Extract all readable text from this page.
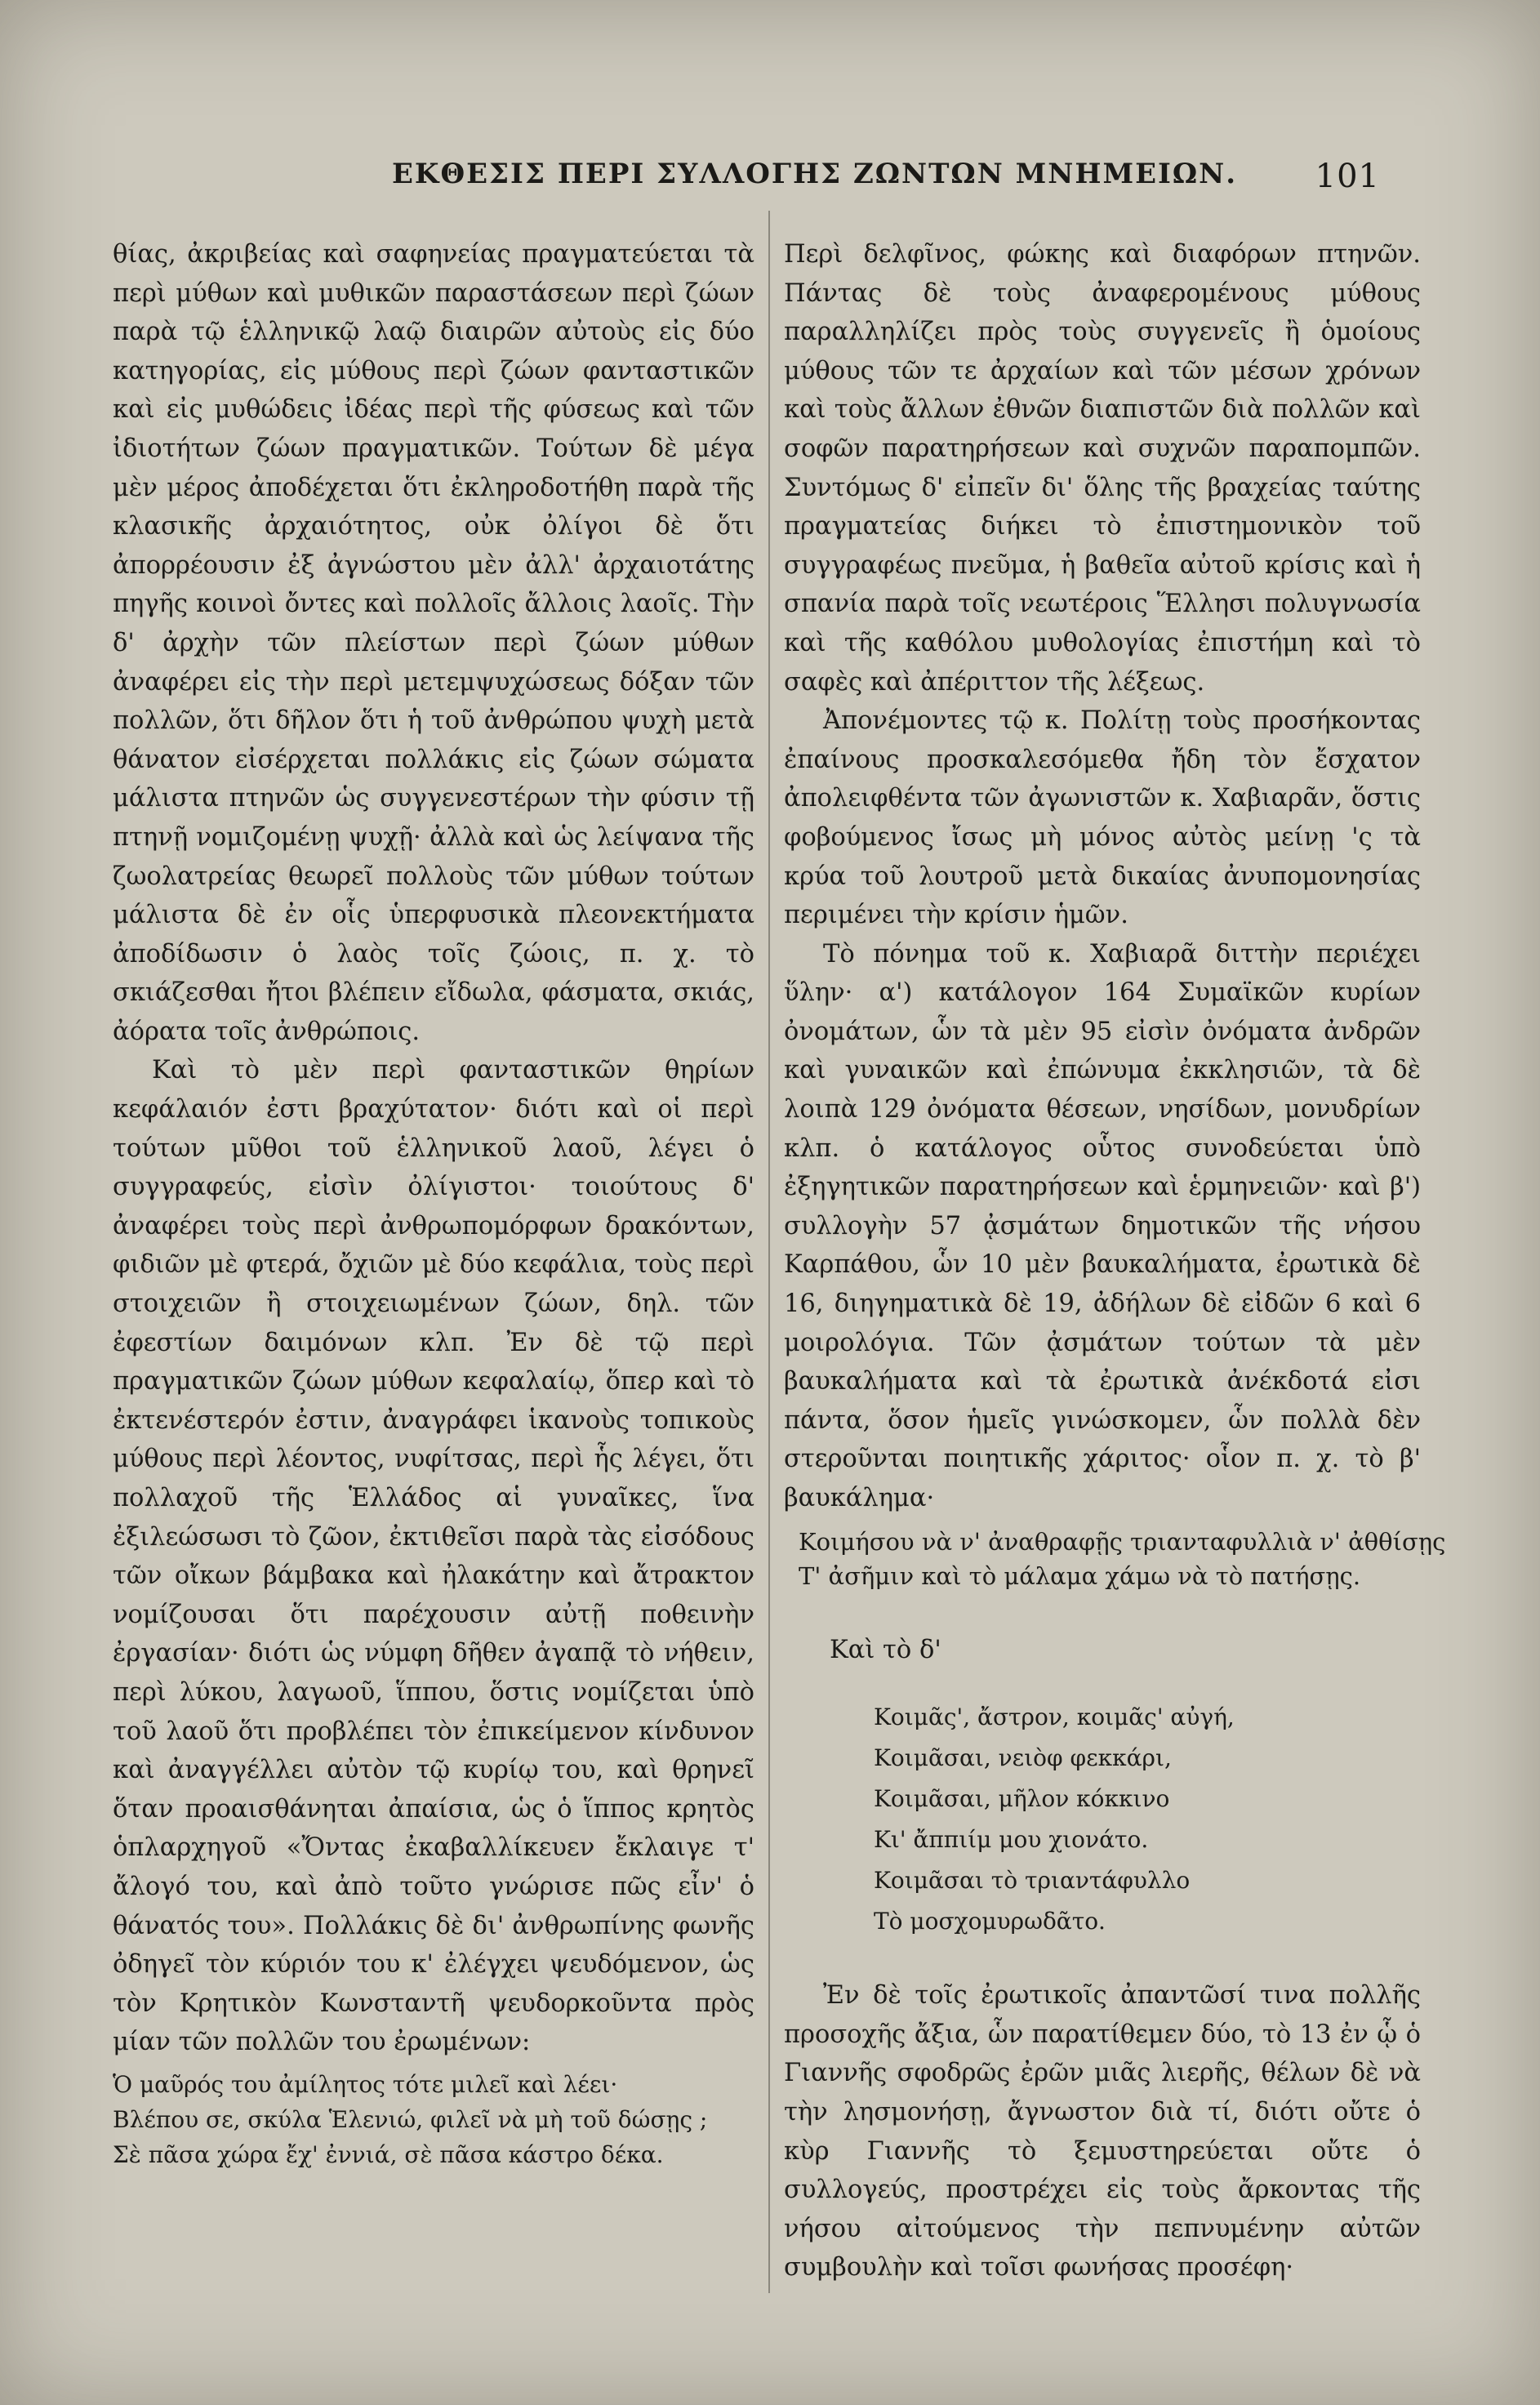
ΕΚΘΕΣΙΣ ΠΕΡΙ ΣΥΛΛΟΓΗΣ ΖΩΝΤΩΝ ΜΝΗΜΕΙΩΝ. 101

θίας, ἀκριβείας καὶ σαφηνείας πραγματεύεται τὰ περὶ μύθων καὶ μυθικῶν παραστάσεων περὶ ζώων παρὰ τῷ ἑλληνικῷ λαῷ διαιρῶν αὐτοὺς εἰς δύο κατηγορίας, εἰς μύθους περὶ ζώων φανταστικῶν καὶ εἰς μυθώδεις ἰδέας περὶ τῆς φύσεως καὶ τῶν ἰδιοτήτων ζώων πραγματικῶν. Τούτων δὲ μέγα μὲν μέρος ἀποδέχεται ὅτι ἐκληροδοτήθη παρὰ τῆς κλασικῆς ἀρχαιότητος, οὐκ ὀλίγοι δὲ ὅτι ἀπορρέουσιν ἐξ ἀγνώστου μὲν ἀλλ' ἀρχαιοτάτης πηγῆς κοινοὶ ὄντες καὶ πολλοῖς ἄλλοις λαοῖς. Τὴν δ' ἀρχὴν τῶν πλείστων περὶ ζώων μύθων ἀναφέρει εἰς τὴν περὶ μετεμψυχώσεως δόξαν τῶν πολλῶν, ὅτι δῆλον ὅτι ἡ τοῦ ἀνθρώπου ψυχὴ μετὰ θάνατον εἰσέρχεται πολλάκις εἰς ζώων σώματα μάλιστα πτηνῶν ὡς συγγενεστέρων τὴν φύσιν τῇ πτηνῇ νομιζομένῃ ψυχῇ· ἀλλὰ καὶ ὡς λείψανα τῆς ζωολατρείας θεωρεῖ πολλοὺς τῶν μύθων τούτων μάλιστα δὲ ἐν οἷς ὑπερφυσικὰ πλεονεκτήματα ἀποδίδωσιν ὁ λαὸς τοῖς ζώοις, π. χ. τὸ σκιάζεσθαι ἤτοι βλέπειν εἴδωλα, φάσματα, σκιάς, ἀόρατα τοῖς ἀνθρώποις.

Καὶ τὸ μὲν περὶ φανταστικῶν θηρίων κεφάλαιόν ἐστι βραχύτατον· διότι καὶ οἱ περὶ τούτων μῦθοι τοῦ ἑλληνικοῦ λαοῦ, λέγει ὁ συγγραφεύς, εἰσὶν ὀλίγιστοι· τοιούτους δ' ἀναφέρει τοὺς περὶ ἀνθρωπομόρφων δρακόντων, φιδιῶν μὲ φτερά, ὄχιῶν μὲ δύο κεφάλια, τοὺς περὶ στοιχειῶν ἢ στοιχειωμένων ζώων, δηλ. τῶν ἐφεστίων δαιμόνων κλπ. Ἐν δὲ τῷ περὶ πραγματικῶν ζώων μύθων κεφαλαίῳ, ὅπερ καὶ τὸ ἐκτενέστερόν ἐστιν, ἀναγράφει ἱκανοὺς τοπικοὺς μύθους περὶ λέοντος, νυφίτσας, περὶ ἧς λέγει, ὅτι πολλαχοῦ τῆς Ἑλλάδος αἱ γυναῖκες, ἵνα ἐξιλεώσωσι τὸ ζῶον, ἐκτιθεῖσι παρὰ τὰς εἰσόδους τῶν οἴκων βάμβακα καὶ ἠλακάτην καὶ ἄτρακτον νομίζουσαι ὅτι παρέχουσιν αὐτῇ ποθεινὴν ἐργασίαν· διότι ὡς νύμφη δῆθεν ἀγαπᾷ τὸ νήθειν, περὶ λύκου, λαγωοῦ, ἵππου, ὅστις νομίζεται ὑπὸ τοῦ λαοῦ ὅτι προβλέπει τὸν ἐπικείμενον κίνδυνον καὶ ἀναγγέλλει αὐτὸν τῷ κυρίῳ του, καὶ θρηνεῖ ὅταν προαισθάνηται ἀπαίσια, ὡς ὁ ἵππος κρητὸς ὁπλαρχηγοῦ «Ὄντας ἐκαβαλλίκευεν ἔκλαιγε τ' ἄλογό του, καὶ ἀπὸ τοῦτο γνώρισε πῶς εἶν' ὁ θάνατός του». Πολλάκις δὲ δι' ἀνθρωπίνης φωνῆς ὀδηγεῖ τὸν κύριόν του κ' ἐλέγχει ψευδόμενον, ὡς τὸν Κρητικὸν Κωνσταντῆ ψευδορκοῦντα πρὸς μίαν τῶν πολλῶν του ἐρωμένων:

Ὁ μαῦρός του ἀμίλητος τότε μιλεῖ καὶ λέει·
Βλέπου σε, σκύλα Ἑλενιώ, φιλεῖ νὰ μὴ τοῦ δώσῃς ;
Σὲ πᾶσα χώρα ἔχ' ἐννιά, σὲ πᾶσα κάστρο δέκα.

Περὶ δελφῖνος, φώκης καὶ διαφόρων πτηνῶν. Πάντας δὲ τοὺς ἀναφερομένους μύθους παραλληλίζει πρὸς τοὺς συγγενεῖς ἢ ὁμοίους μύθους τῶν τε ἀρχαίων καὶ τῶν μέσων χρόνων καὶ τοὺς ἄλλων ἐθνῶν διαπιστῶν διὰ πολλῶν καὶ σοφῶν παρατηρήσεων καὶ συχνῶν παραπομπῶν. Συντόμως δ' εἰπεῖν δι' ὅλης τῆς βραχείας ταύτης πραγματείας διήκει τὸ ἐπιστημονικὸν τοῦ συγγραφέως πνεῦμα, ἡ βαθεῖα αὐτοῦ κρίσις καὶ ἡ σπανία παρὰ τοῖς νεωτέροις Ἕλλησι πολυγνωσία καὶ τῆς καθόλου μυθολογίας ἐπιστήμη καὶ τὸ σαφὲς καὶ ἀπέριττον τῆς λέξεως.

Ἀπονέμοντες τῷ κ. Πολίτῃ τοὺς προσήκοντας ἐπαίνους προσκαλεσόμεθα ἤδη τὸν ἔσχατον ἀπολειφθέντα τῶν ἀγωνιστῶν κ. Χαβιαρᾶν, ὅστις φοβούμενος ἴσως μὴ μόνος αὐτὸς μείνῃ 'ς τὰ κρύα τοῦ λουτροῦ μετὰ δικαίας ἀνυπομονησίας περιμένει τὴν κρίσιν ἡμῶν.

Τὸ πόνημα τοῦ κ. Χαβιαρᾶ διττὴν περιέχει ὕλην· α') κατάλογον 164 Συμαϊκῶν κυρίων ὀνομάτων, ὧν τὰ μὲν 95 εἰσὶν ὀνόματα ἀνδρῶν καὶ γυναικῶν καὶ ἐπώνυμα ἐκκλησιῶν, τὰ δὲ λοιπὰ 129 ὀνόματα θέσεων, νησίδων, μονυδρίων κλπ. ὁ κατάλογος οὗτος συνοδεύεται ὑπὸ ἐξηγητικῶν παρατηρήσεων καὶ ἑρμηνειῶν· καὶ β') συλλογὴν 57 ᾀσμάτων δημοτικῶν τῆς νήσου Καρπάθου, ὧν 10 μὲν βαυκαλήματα, ἐρωτικὰ δὲ 16, διηγηματικὰ δὲ 19, ἀδήλων δὲ εἰδῶν 6 καὶ 6 μοιρολόγια. Τῶν ᾀσμάτων τούτων τὰ μὲν βαυκαλήματα καὶ τὰ ἐρωτικὰ ἀνέκδοτά εἰσι πάντα, ὅσον ἡμεῖς γινώσκομεν, ὧν πολλὰ δὲν στεροῦνται ποιητικῆς χάριτος· οἷον π. χ. τὸ β' βαυκάλημα·

Κοιμήσου νὰ ν' ἀναθραφῇς τριανταφυλλιὰ ν' ἀθθίσῃς
Τ' ἀσῆμιν καὶ τὸ μάλαμα χάμω νὰ τὸ πατήσῃς.
Καὶ τὸ δ'
Κοιμᾶς', ἄστρον, κοιμᾶς' αὐγή,
Κοιμᾶσαι, νειὸφ φεκκάρι,
Κοιμᾶσαι, μῆλον κόκκινο
Κι' ἄππιίμ μου χιονάτο.
Κοιμᾶσαι τὸ τριαντάφυλλο
Τὸ μοσχομυρωδᾶτο.

Ἐν δὲ τοῖς ἐρωτικοῖς ἀπαντῶσί τινα πολλῆς προσοχῆς ἄξια, ὧν παρατίθεμεν δύο, τὸ 13 ἐν ᾧ ὁ Γιαννῆς σφοδρῶς ἐρῶν μιᾶς λιερῆς, θέλων δὲ νὰ τὴν λησμονήσῃ, ἄγνωστον διὰ τί, διότι οὔτε ὁ κὺρ Γιαννῆς τὸ ξεμυστηρεύεται οὔτε ὁ συλλογεύς, προστρέχει εἰς τοὺς ἄρκοντας τῆς νήσου αἰτούμενος τὴν πεπνυμένην αὐτῶν συμβουλὴν καὶ τοῖσι φωνήσας προσέφη·
